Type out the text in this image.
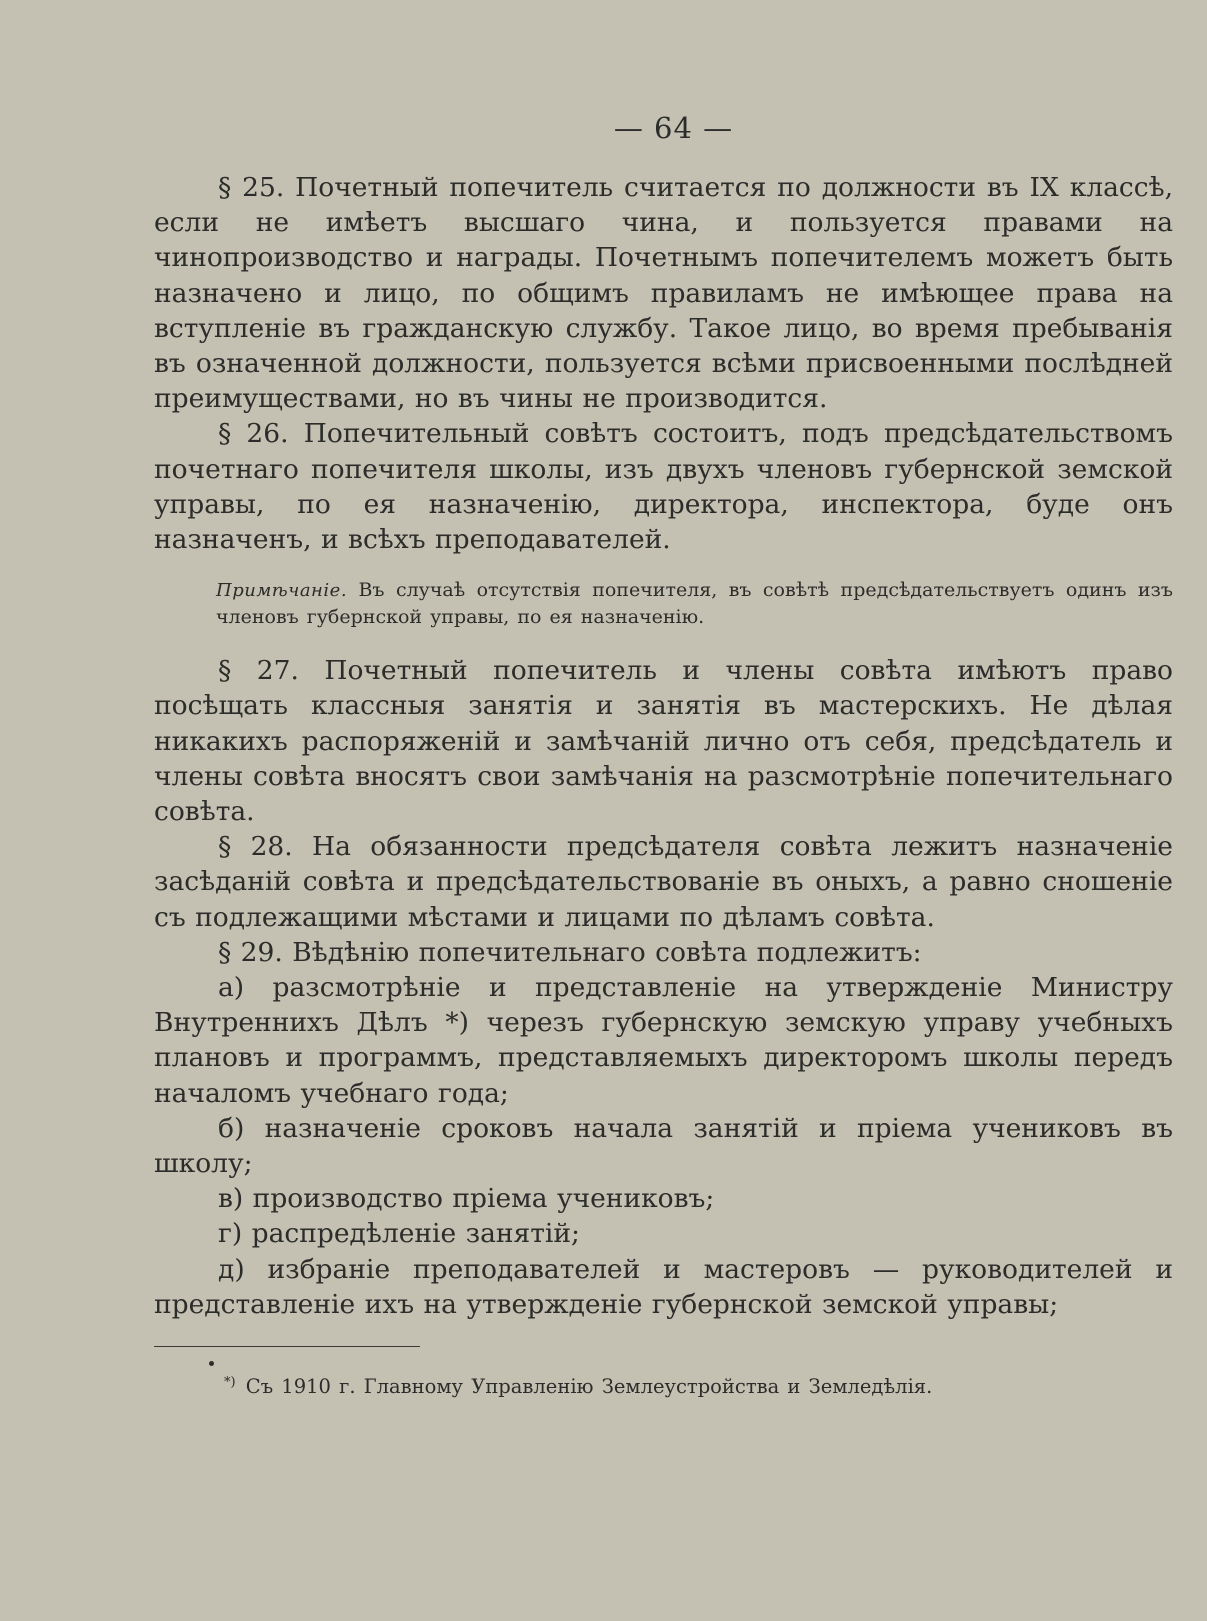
— 64 —

§ 25. Почетный попечитель считается по должности въ IX классѣ, если не имѣетъ высшаго чина, и пользуется правами на чинопроизводство и награды. Почетнымъ попечителемъ можетъ быть назначено и лицо, по общимъ правиламъ не имѣющее права на вступленіе въ гражданскую службу. Такое лицо, во время пребыванія въ означенной должности, пользуется всѣми присвоенными послѣдней преимуществами, но въ чины не производится.

§ 26. Попечительный совѣтъ состоитъ, подъ предсѣдательствомъ почетнаго попечителя школы, изъ двухъ членовъ губернской земской управы, по ея назначенію, директора, инспектора, буде онъ назначенъ, и всѣхъ преподавателей.

Примѣчаніе. Въ случаѣ отсутствія попечителя, въ совѣтѣ предсѣдательствуетъ одинъ изъ членовъ губернской управы, по ея назначенію.

§ 27. Почетный попечитель и члены совѣта имѣютъ право посѣщать классныя занятія и занятія въ мастерскихъ. Не дѣлая никакихъ распоряженій и замѣчаній лично отъ себя, предсѣдатель и члены совѣта вносятъ свои замѣчанія на разсмотрѣніе попечительнаго совѣта.

§ 28. На обязанности предсѣдателя совѣта лежитъ назначеніе засѣданій совѣта и предсѣдательствованіе въ оныхъ, а равно сношеніе съ подлежащими мѣстами и лицами по дѣламъ совѣта.

§ 29. Вѣдѣнію попечительнаго совѣта подлежитъ:

а) разсмотрѣніе и представленіе на утвержденіе Министру Внутреннихъ Дѣлъ *) черезъ губернскую земскую управу учебныхъ плановъ и программъ, представляемыхъ директоромъ школы передъ началомъ учебнаго года;

б) назначеніе сроковъ начала занятій и пріема учениковъ въ школу;

в) производство пріема учениковъ;

г) распредѣленіе занятій;

д) избраніе преподавателей и мастеровъ — руководителей и представленіе ихъ на утвержденіе губернской земской управы;

*) Съ 1910 г. Главному Управленію Землеустройства и Земледѣлія.
